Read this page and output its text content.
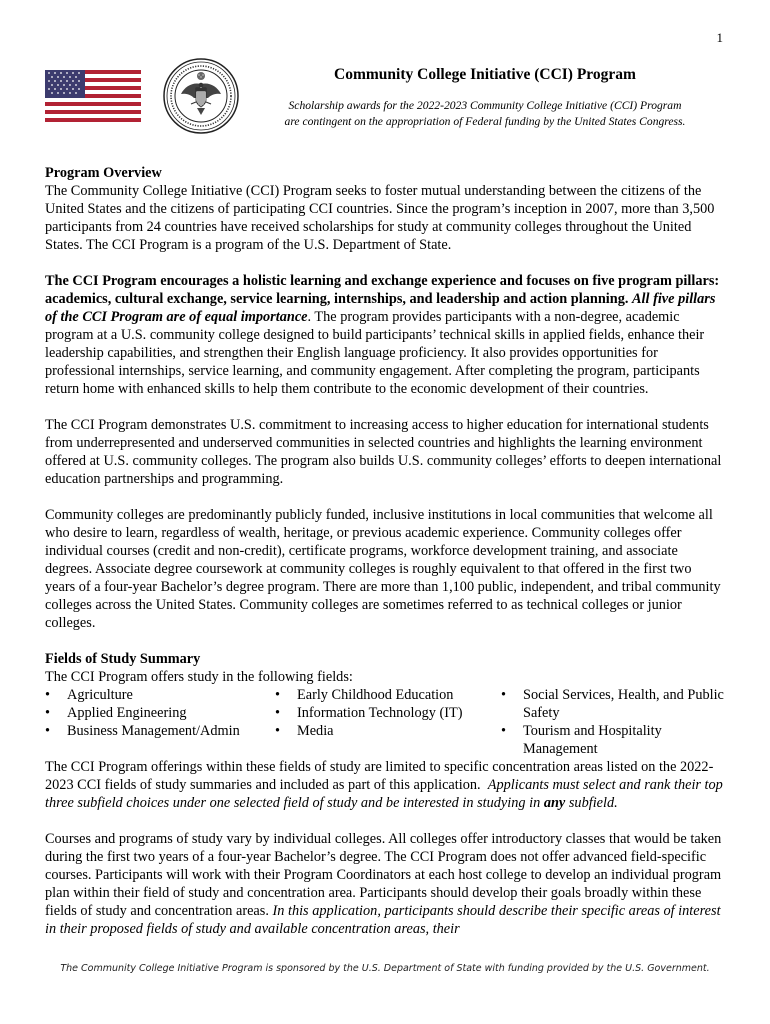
1
Community College Initiative (CCI) Program
Scholarship awards for the 2022-2023 Community College Initiative (CCI) Program
are contingent on the appropriation of Federal funding by the United States Congress.

Program Overview

The Community College Initiative (CCI) Program seeks to foster mutual understanding between the citizens of the United States and the citizens of participating CCI countries. Since the program’s inception in 2007, more than 3,500 participants from 24 countries have received scholarships for study at community colleges throughout the United States. The CCI Program is a program of the U.S. Department of State.

The CCI Program encourages a holistic learning and exchange experience and focuses on five program pillars: academics, cultural exchange, service learning, internships, and leadership and action planning. All five pillars of the CCI Program are of equal importance. The program provides participants with a non-degree, academic program at a U.S. community college designed to build participants’ technical skills in applied fields, enhance their leadership capabilities, and strengthen their English language proficiency. It also provides opportunities for professional internships, service learning, and community engagement. After completing the program, participants return home with enhanced skills to help them contribute to the economic development of their countries.

The CCI Program demonstrates U.S. commitment to increasing access to higher education for international students from underrepresented and underserved communities in selected countries and highlights the learning environment offered at U.S. community colleges. The program also builds U.S. community colleges’ efforts to deepen international education partnerships and programming.

Community colleges are predominantly publicly funded, inclusive institutions in local communities that welcome all who desire to learn, regardless of wealth, heritage, or previous academic experience. Community colleges offer individual courses (credit and non-credit), certificate programs, workforce development training, and associate degrees. Associate degree coursework at community colleges is roughly equivalent to that offered in the first two years of a four-year Bachelor’s degree program. There are more than 1,100 public, independent, and tribal community colleges across the United States. Community colleges are sometimes referred to as technical colleges or junior colleges.

Fields of Study Summary

The CCI Program offers study in the following fields:

• Agriculture
• Applied Engineering
• Business Management/Admin
• Early Childhood Education
• Information Technology (IT)
• Media
• Social Services, Health, and Public Safety
• Tourism and Hospitality Management

The CCI Program offerings within these fields of study are limited to specific concentration areas listed on the 2022-2023 CCI fields of study summaries and included as part of this application. Applicants must select and rank their top three subfield choices under one selected field of study and be interested in studying in any subfield.

Courses and programs of study vary by individual colleges. All colleges offer introductory classes that would be taken during the first two years of a four-year Bachelor’s degree. The CCI Program does not offer advanced field-specific courses. Participants will work with their Program Coordinators at each host college to develop an individual program plan within their field of study and concentration area. Participants should develop their goals broadly within these fields of study and concentration areas. In this application, participants should describe their specific areas of interest in their proposed fields of study and available concentration areas, their

The Community College Initiative Program is sponsored by the U.S. Department of State with funding provided by the U.S. Government.
